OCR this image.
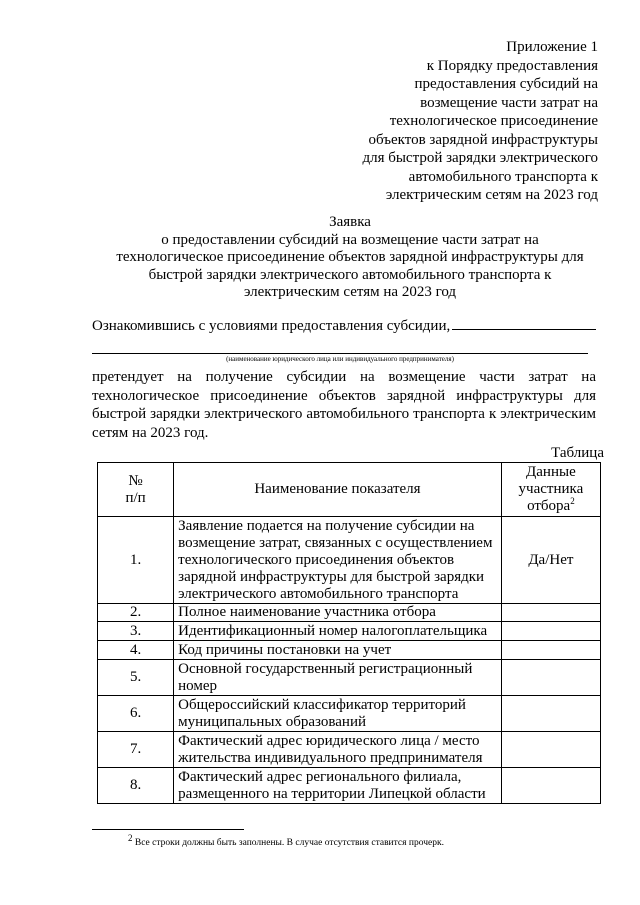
Приложение 1
к Порядку предоставления
предоставления субсидий на
возмещение части затрат на
технологическое присоединение
объектов зарядной инфраструктуры
для быстрой зарядки электрического
автомобильного транспорта к
электрическим сетям на 2023 год
Заявка
о предоставлении субсидий на возмещение части затрат на
технологическое присоединение объектов зарядной инфраструктуры для
быстрой зарядки электрического автомобильного транспорта к
электрическим сетям на 2023 год
Ознакомившись с условиями предоставления субсидии,
(наименование юридического лица или индивидуального предпринимателя)
претендует на получение субсидии на возмещение части затрат на технологическое присоединение объектов зарядной инфраструктуры для быстрой зарядки электрического автомобильного транспорта к электрическим сетям на 2023 год.
Таблица
№
п/п	Наименование показателя	Данные участника отбора$^2$
1.	Заявление подается на получение субсидии на возмещение затрат, связанных с осуществлением технологического присоединения объектов зарядной инфраструктуры для быстрой зарядки электрического автомобильного транспорта	Да/Нет
2.	Полное наименование участника отбора	
3.	Идентификационный номер налогоплательщика	
4.	Код причины постановки на учет	
5.	Основной государственный регистрационный номер	
6.	Общероссийский классификатор территорий муниципальных образований	
7.	Фактический адрес юридического лица / место жительства индивидуального предпринимателя	
8.	Фактический адрес регионального филиала, размещенного на территории Липецкой области	
$^2$ Все строки должны быть заполнены. В случае отсутствия ставится прочерк.
